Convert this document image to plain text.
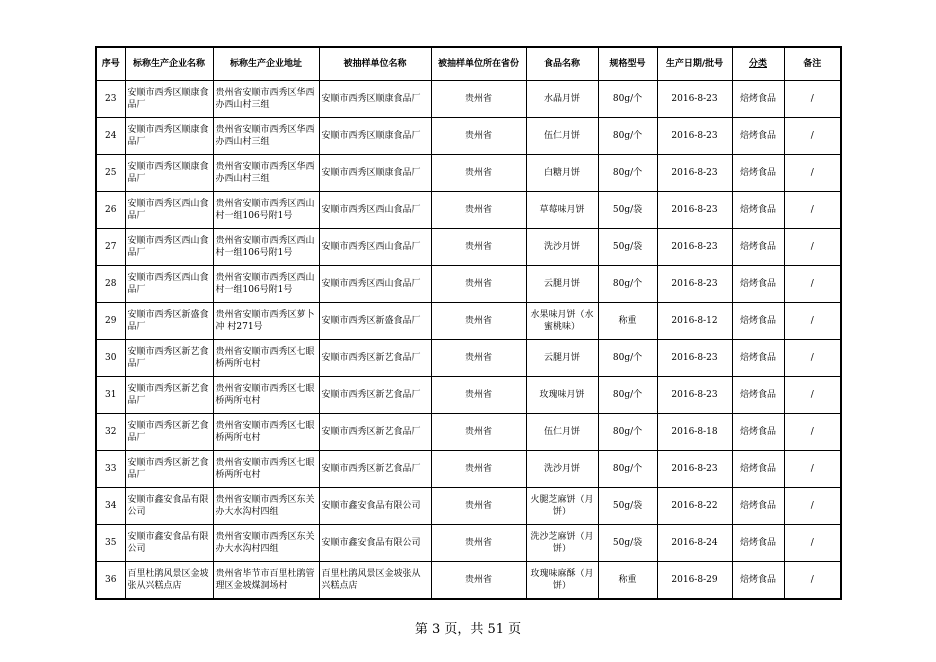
序号	标称生产企业名称	标称生产企业地址	被抽样单位名称	被抽样单位所在省份	食品名称	规格型号	生产日期/批号	分类	备注
23	安顺市西秀区顺康食品厂	贵州省安顺市西秀区华西办西山村三组	安顺市西秀区顺康食品厂	贵州省	水晶月饼	80g/个	2016-8-23	焙烤食品	/
24	安顺市西秀区顺康食品厂	贵州省安顺市西秀区华西办西山村三组	安顺市西秀区顺康食品厂	贵州省	伍仁月饼	80g/个	2016-8-23	焙烤食品	/
25	安顺市西秀区顺康食品厂	贵州省安顺市西秀区华西办西山村三组	安顺市西秀区顺康食品厂	贵州省	白糖月饼	80g/个	2016-8-23	焙烤食品	/
26	安顺市西秀区西山食品厂	贵州省安顺市西秀区西山村一组106号附1号	安顺市西秀区西山食品厂	贵州省	草莓味月饼	50g/袋	2016-8-23	焙烤食品	/
27	安顺市西秀区西山食品厂	贵州省安顺市西秀区西山村一组106号附1号	安顺市西秀区西山食品厂	贵州省	洗沙月饼	50g/袋	2016-8-23	焙烤食品	/
28	安顺市西秀区西山食品厂	贵州省安顺市西秀区西山村一组106号附1号	安顺市西秀区西山食品厂	贵州省	云腿月饼	80g/个	2016-8-23	焙烤食品	/
29	安顺市西秀区新盛食品厂	贵州省安顺市西秀区萝卜冲 村271号	安顺市西秀区新盛食品厂	贵州省	水果味月饼（水蜜桃味）	称重	2016-8-12	焙烤食品	/
30	安顺市西秀区新艺食品厂	贵州省安顺市西秀区七眼桥两所屯村	安顺市西秀区新艺食品厂	贵州省	云腿月饼	80g/个	2016-8-23	焙烤食品	/
31	安顺市西秀区新艺食品厂	贵州省安顺市西秀区七眼桥两所屯村	安顺市西秀区新艺食品厂	贵州省	玫瑰味月饼	80g/个	2016-8-23	焙烤食品	/
32	安顺市西秀区新艺食品厂	贵州省安顺市西秀区七眼桥两所屯村	安顺市西秀区新艺食品厂	贵州省	伍仁月饼	80g/个	2016-8-18	焙烤食品	/
33	安顺市西秀区新艺食品厂	贵州省安顺市西秀区七眼桥两所屯村	安顺市西秀区新艺食品厂	贵州省	洗沙月饼	80g/个	2016-8-23	焙烤食品	/
34	安顺市鑫安食品有限公司	贵州省安顺市西秀区东关办大水沟村四组	安顺市鑫安食品有限公司	贵州省	火腿芝麻饼（月饼）	50g/袋	2016-8-22	焙烤食品	/
35	安顺市鑫安食品有限公司	贵州省安顺市西秀区东关办大水沟村四组	安顺市鑫安食品有限公司	贵州省	洗沙芝麻饼（月饼）	50g/袋	2016-8-24	焙烤食品	/
36	百里杜鹃风景区金坡张从兴糕点店	贵州省毕节市百里杜鹃管理区金坡煤洞场村	百里杜鹃风景区金坡张从兴糕点店	贵州省	玫瑰味麻酥（月饼）	称重	2016-8-29	焙烤食品	/
第 3 页，共 51 页
